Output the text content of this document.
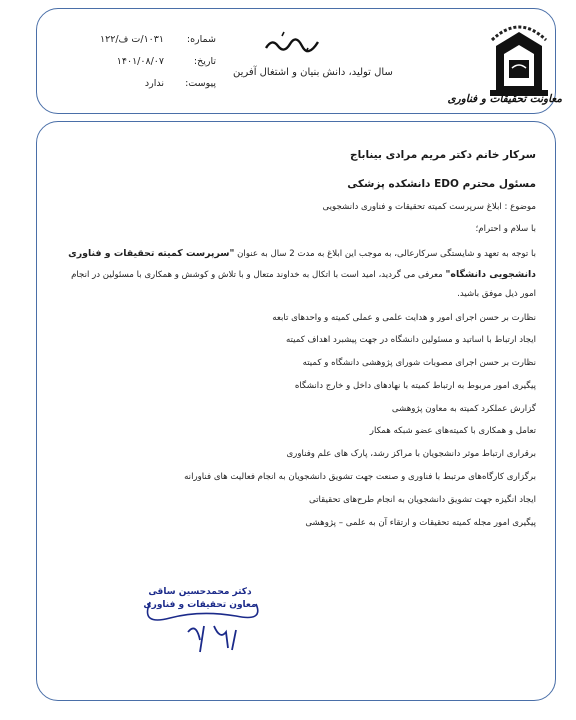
معاونت تحقیقات و فناوری
سال تولید، دانش بنیان و اشتغال آفرین
شماره:
۱۰۳۱/ت ف/۱۲۲
تاریخ:
۱۴۰۱/۰۸/۰۷
پیوست:
ندارد
سرکار خانم دکتر مریم مرادی بیناباج
مسئول محترم EDO دانشکده پزشکی
موضوع : ابلاغ سرپرست کمیته تحقیقات و فناوری دانشجویی
با سلام و احترام؛
با توجه به تعهد و شایستگی سرکارعالی، به موجب این ابلاغ به مدت 2 سال به عنوان "سرپرست کمیته تحقیقات و فناوری دانشجویی دانشگاه" معرفی می گردید، امید است با اتکال به خداوند متعال و با تلاش و کوشش و همکاری با مسئولین در انجام امور ذیل موفق باشید.
نظارت بر حسن اجرای امور و هدایت علمی و عملی کمیته و واحدهای تابعه
ایجاد ارتباط با اساتید و مسئولین دانشگاه در جهت پیشبرد اهداف کمیته
نظارت بر حسن اجرای مصوبات شورای پژوهشی دانشگاه و کمیته
پیگیری امور مربوط به ارتباط کمیته با نهادهای داخل و خارج دانشگاه
گزارش عملکرد کمیته به معاون پژوهشی
تعامل و همکاری با کمیته‌های عضو شبکه همکار
برقراری ارتباط موثر دانشجویان با مراکز رشد، پارک های علم وفناوری
برگزاری کارگاه‌های مرتبط با فناوری و صنعت جهت تشویق دانشجویان به انجام فعالیت های فناورانه
ایجاد انگیزه جهت تشویق دانشجویان به انجام طرح‌های تحقیقاتی
پیگیری امور مجله کمیته تحقیقات و ارتقاء آن به علمی – پژوهشی
دکتر محمدحسین ساقی
معاون تحقیقات و فناوری
